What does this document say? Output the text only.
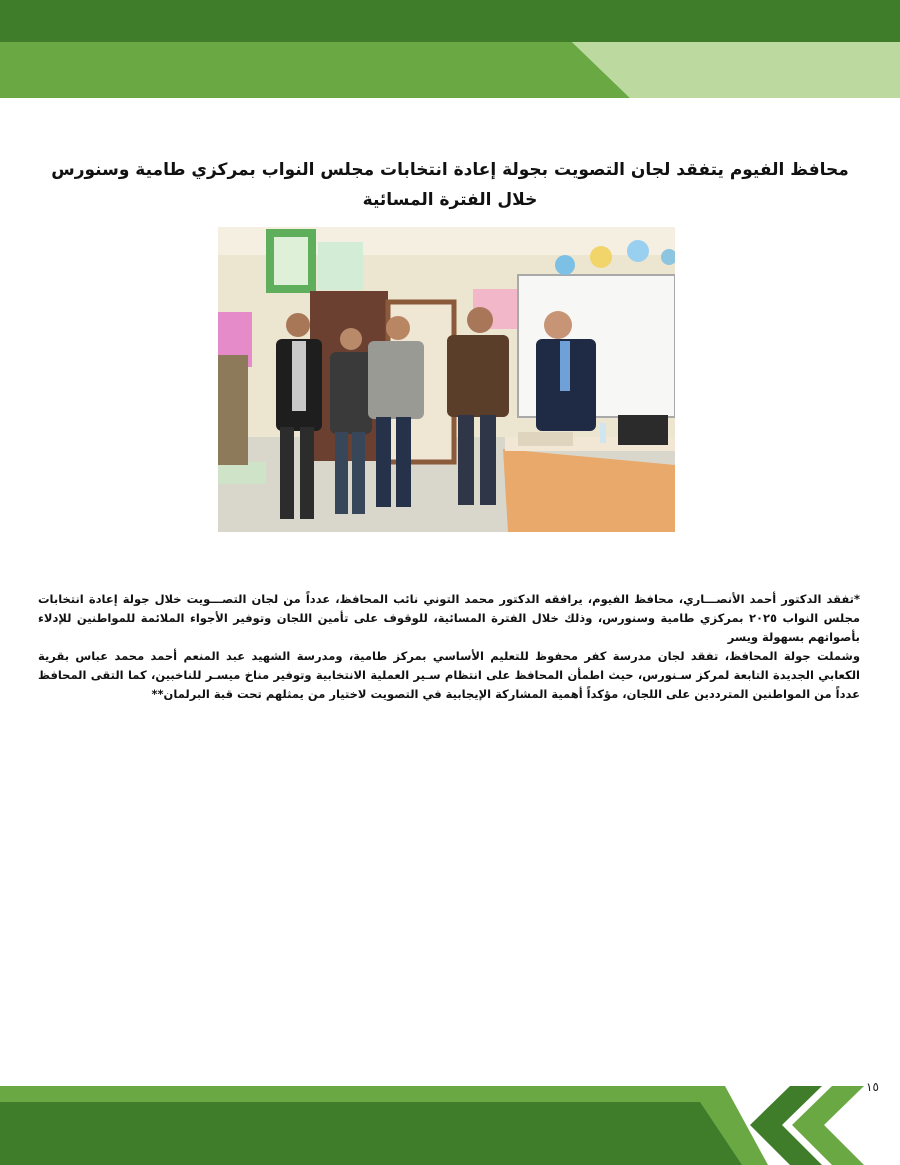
محافظ الفيوم يتفقد لجان التصويت بجولة إعادة انتخابات مجلس النواب بمركزي طامية وسنورس خلال الفترة المسائية

*تفقد الدكتور أحمد الأنصـــاري، محافظ الفيوم، يرافقه الدكتور محمد التوني نائب المحافظ، عدداً من لجان التصـــويت خلال جولة إعادة انتخابات مجلس النواب ٢٠٢٥ بمركزي طامية وسنورس، وذلك خلال الفترة المسائية، للوقوف على تأمين اللجان وتوفير الأجواء الملائمة للمواطنين للإدلاء بأصواتهم بسهولة ويسر

وشملت جولة المحافظ، تفقد لجان مدرسة كفر محفوظ للتعليم الأساسي بمركز طامية، ومدرسة الشهيد عبد المنعم أحمد محمد عباس بقرية الكعابي الجديدة التابعة لمركز سـنورس، حيث اطمأن المحافظ على انتظام سـير العملية الانتخابية وتوفير مناخ ميسـر للناخبين، كما التقى المحافظ عدداً من المواطنين المترددين على اللجان، مؤكداً أهمية المشاركة الإيجابية في التصويت لاختيار من يمثلهم تحت قبة البرلمان**

١٥
